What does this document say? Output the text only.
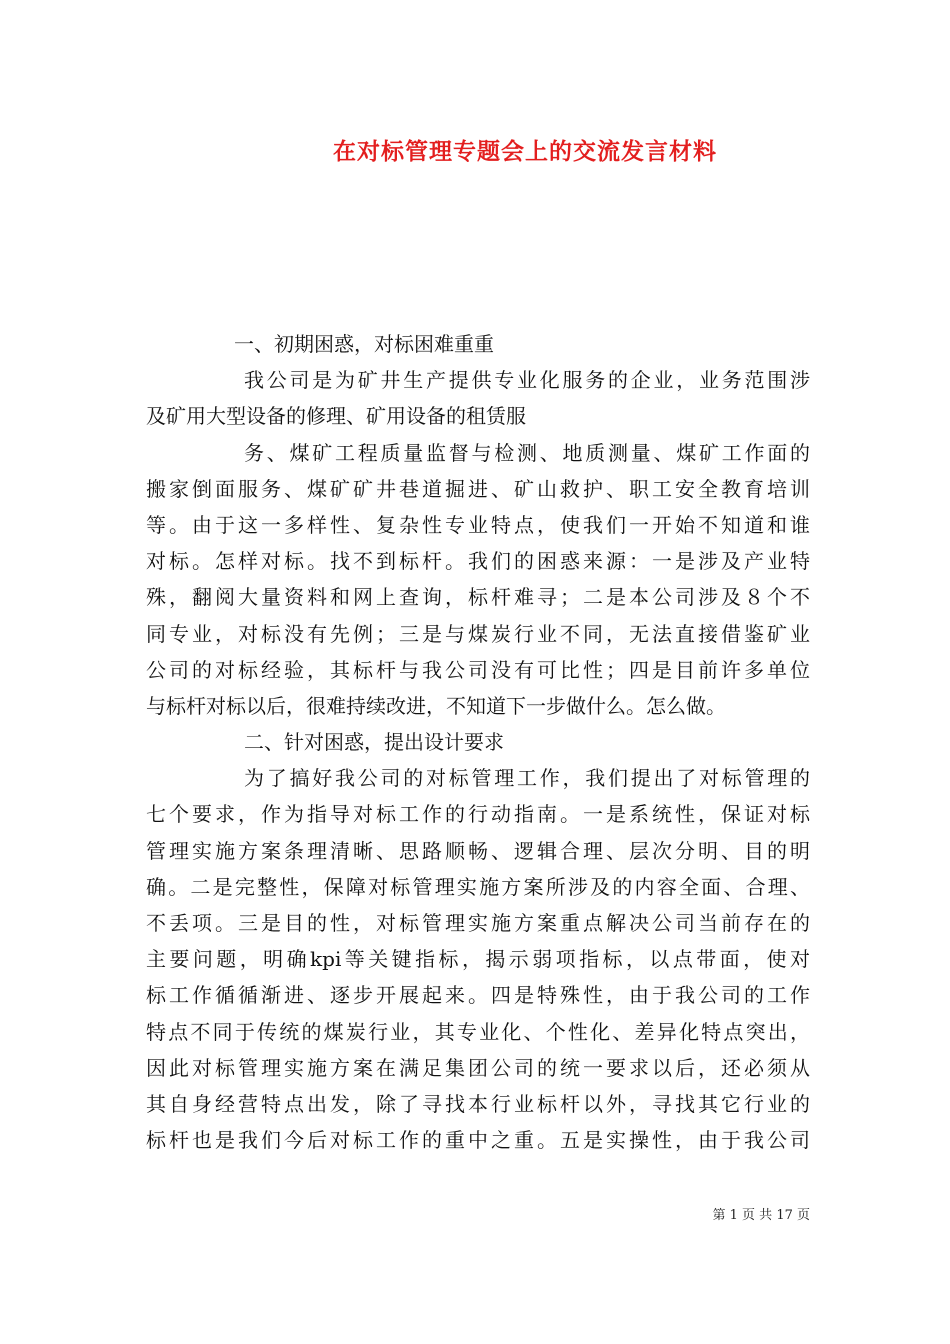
在对标管理专题会上的交流发言材料
一、初期困惑，对标困难重重
我公司是为矿井生产提供专业化服务的企业，业务范围涉
及矿用大型设备的修理、矿用设备的租赁服
务、煤矿工程质量监督与检测、地质测量、煤矿工作面的
搬家倒面服务、煤矿矿井巷道掘进、矿山救护、职工安全教育培训
等。由于这一多样性、复杂性专业特点，使我们一开始不知道和谁
对标。怎样对标。找不到标杆。我们的困惑来源：一是涉及产业特
殊，翻阅大量资料和网上查询，标杆难寻；二是本公司涉及８个不
同专业，对标没有先例；三是与煤炭行业不同，无法直接借鉴矿业
公司的对标经验，其标杆与我公司没有可比性；四是目前许多单位
与标杆对标以后，很难持续改进，不知道下一步做什么。怎么做。
二、针对困惑，提出设计要求
为了搞好我公司的对标管理工作，我们提出了对标管理的
七个要求，作为指导对标工作的行动指南。一是系统性，保证对标
管理实施方案条理清晰、思路顺畅、逻辑合理、层次分明、目的明
确。二是完整性，保障对标管理实施方案所涉及的内容全面、合理、
不丢项。三是目的性，对标管理实施方案重点解决公司当前存在的
主要问题，明确kpi等关键指标，揭示弱项指标，以点带面，使对
标工作循循渐进、逐步开展起来。四是特殊性，由于我公司的工作
特点不同于传统的煤炭行业，其专业化、个性化、差异化特点突出，
因此对标管理实施方案在满足集团公司的统一要求以后，还必须从
其自身经营特点出发，除了寻找本行业标杆以外，寻找其它行业的
标杆也是我们今后对标工作的重中之重。五是实操性，由于我公司
第 1 页 共 17 页
